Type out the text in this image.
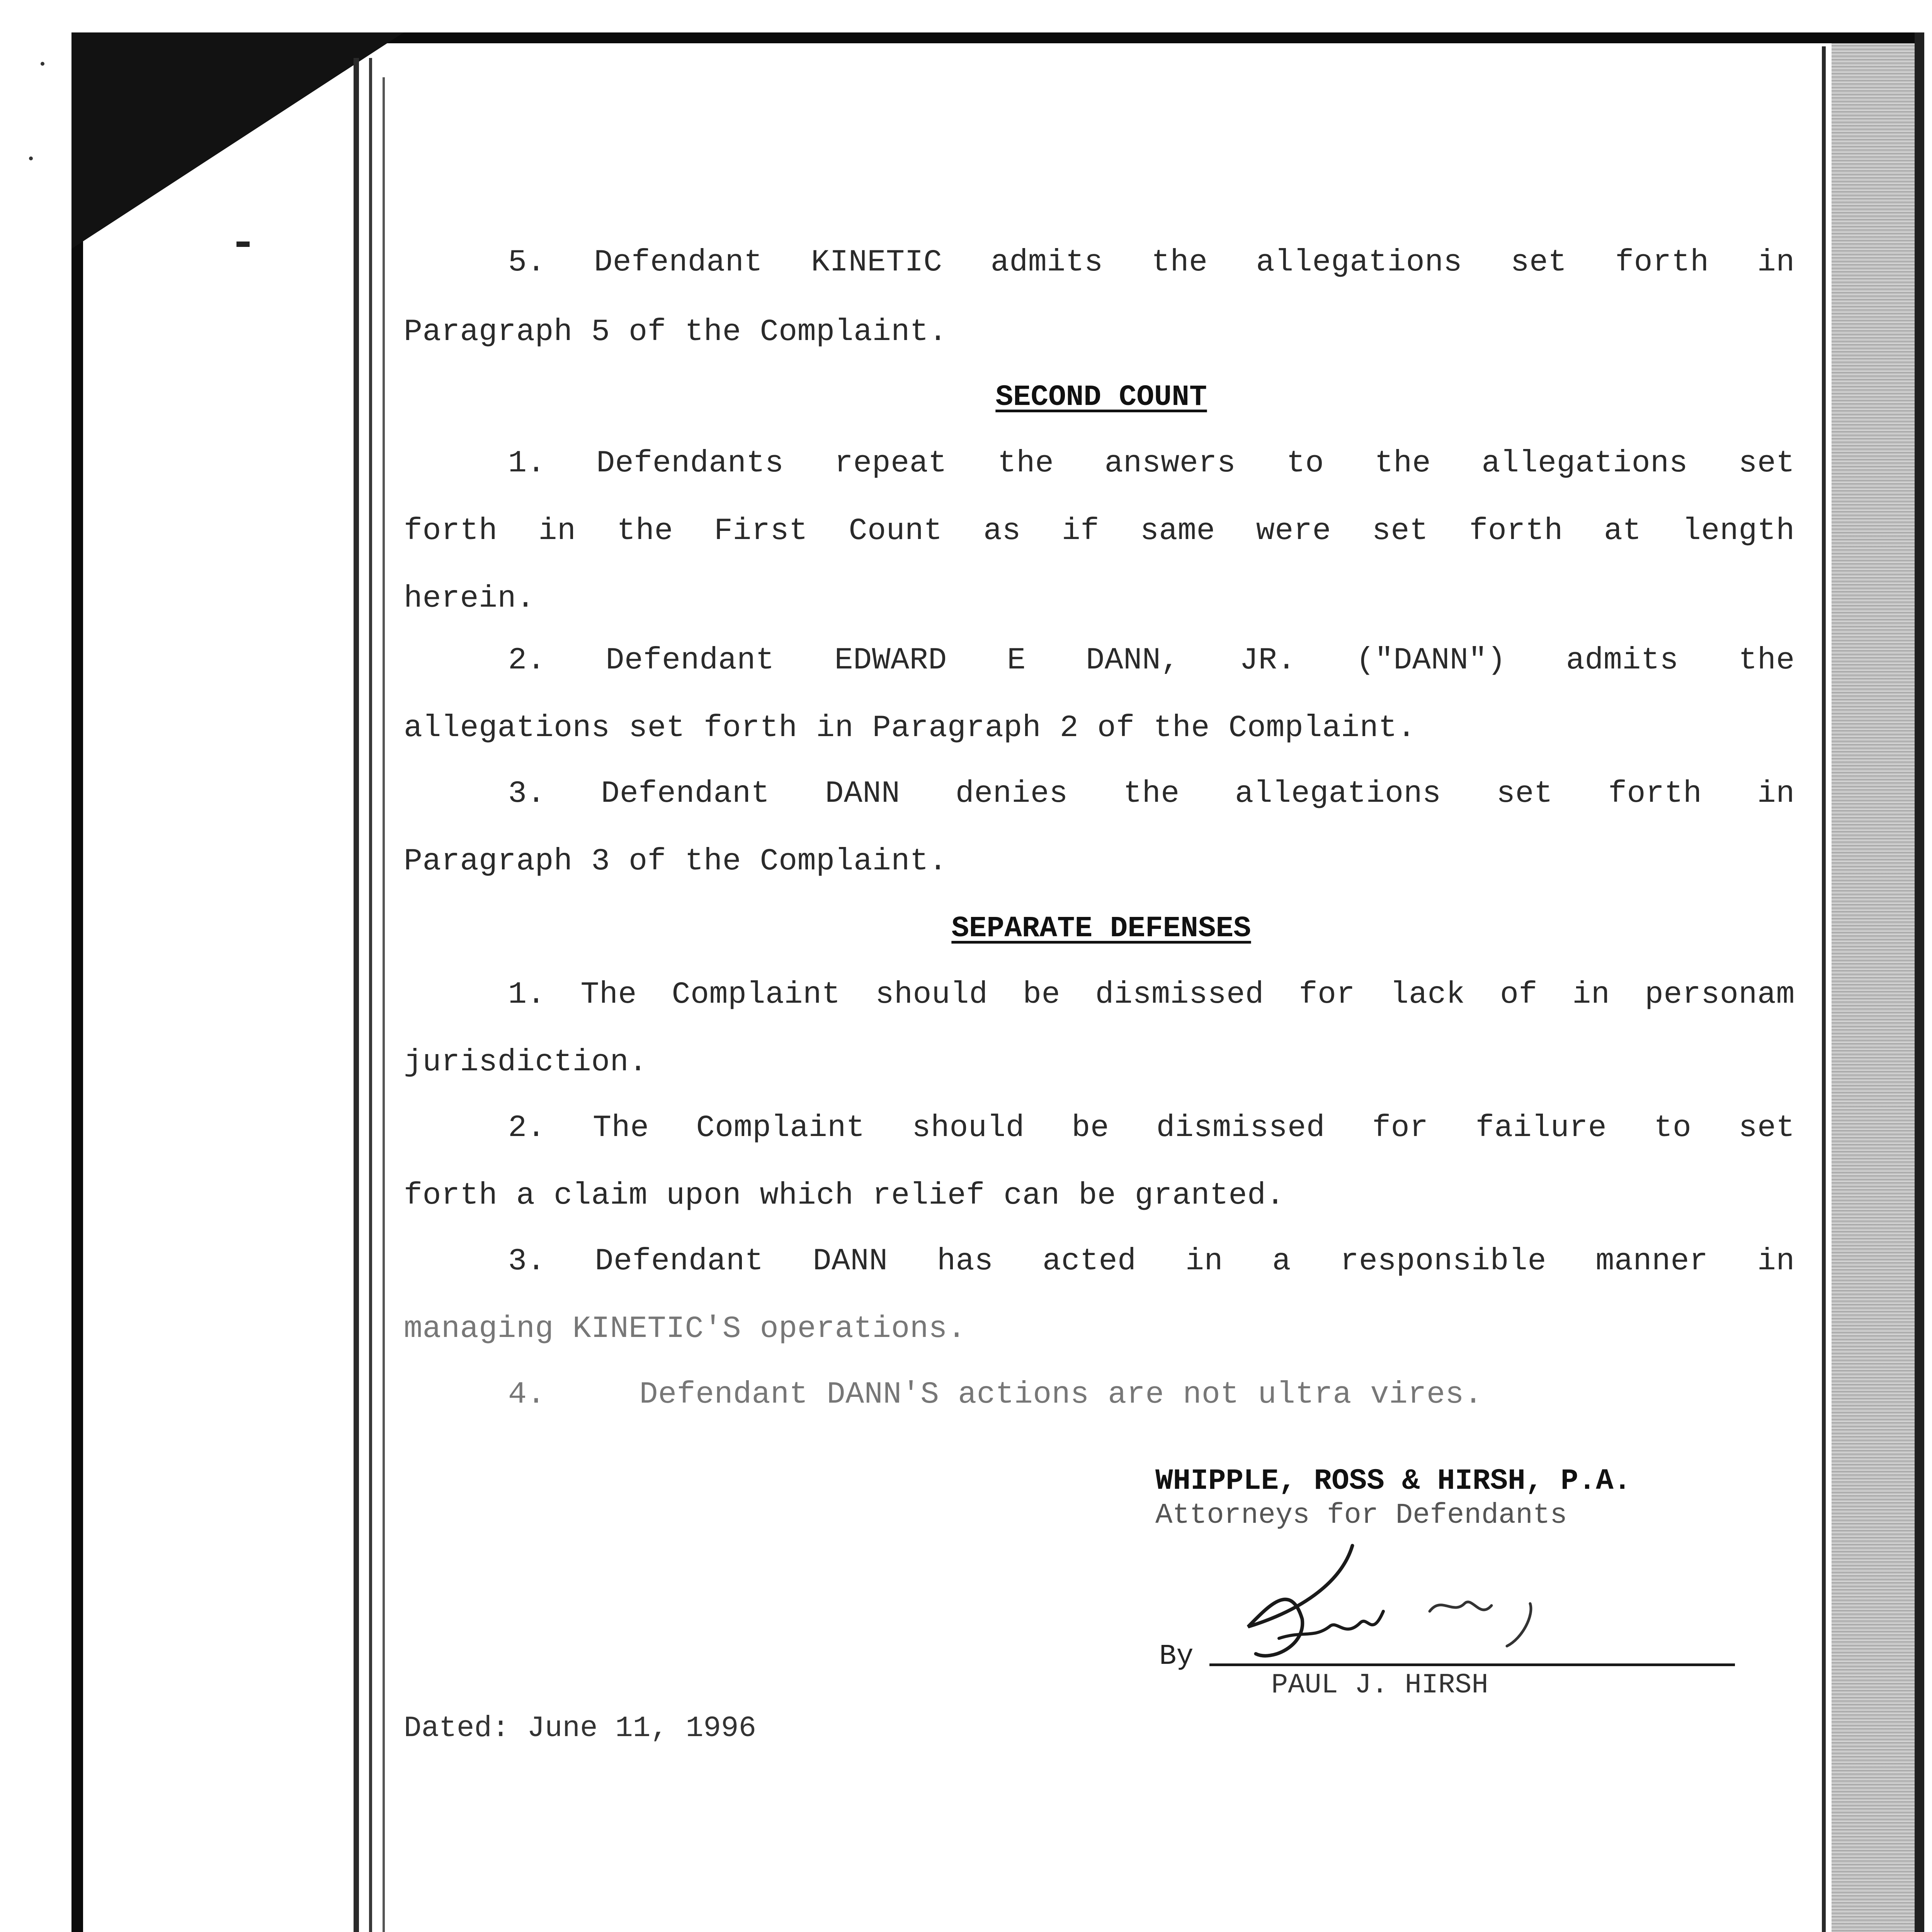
5. Defendant KINETIC admits the allegations set forth in
Paragraph 5 of the Complaint.
SECOND COUNT
1. Defendants repeat the answers to the allegations set
forth in the First Count as if same were set forth at length
herein.
2. Defendant EDWARD E DANN, JR. ("DANN") admits the
allegations set forth in Paragraph 2 of the Complaint.
3. Defendant DANN denies the allegations set forth in
Paragraph 3 of the Complaint.
SEPARATE DEFENSES
1. The Complaint should be dismissed for lack of in personam
jurisdiction.
2. The Complaint should be dismissed for failure to set
forth a claim upon which relief can be granted.
3. Defendant DANN has acted in a responsible manner in
managing KINETIC'S operations.
4.	Defendant DANN'S actions are not ultra vires.
WHIPPLE, ROSS & HIRSH, P.A.
Attorneys for Defendants
By
PAUL J. HIRSH
Dated: June 11, 1996
